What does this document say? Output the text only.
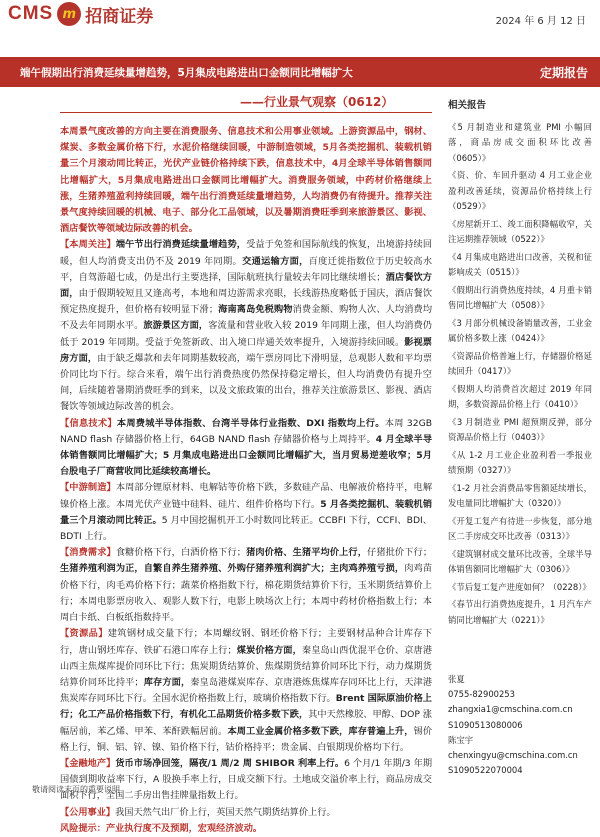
CMS m 招商证券	2024 年 6 月 12 日
端午假期出行消费延续量增趋势，5月集成电路进出口金额同比增幅扩大	定期报告
——行业景气观察（0612）

本周景气度改善的方向主要在消费服务、信息技术和公用事业领域。上游资源品中，钢材、煤炭、多数金属价格下行，水泥价格继续回暖，中游制造领域，5月各类挖掘机、装载机销量三个月滚动同比转正，光伏产业链价格持续下跌，信息技术中，4月全球半导体销售额同比增幅扩大，5月集成电路进出口金额同比增幅扩大。消费服务领域，中药材价格继续上涨，生猪养殖盈利持续回暖，端午出行消费延续量增趋势，人均消费仍有待提升。推荐关注景气度持续回暖的机械、电子、部分化工品领域，以及暑期消费旺季到来旅游景区、影视、酒店餐饮等领域边际改善的机会。

【本周关注】端午节出行消费延续量增趋势，受益于免签和国际航线的恢复，出境游持续回暖，但人均消费支出仍不及 2019 年同期。交通运输方面，百度迁徙指数位于历史较高水平，自驾游超七成，仍是出行主要选择，国际航班执行量较去年同比继续增长；酒店餐饮方面，由于假期较短且又逢高考，本地和周边游需求亮眼，长线游热度略低于国庆，酒店餐饮预定热度提升，但价格有较明显下滑；海南离岛免税购物消费金额、购物人次、人均消费均不及去年同期水平。旅游景区方面，客流量和营业收入较 2019 年同期上涨，但人均消费仍低于 2019 年同期。受益于免签新政、出入境口岸通关效率提升，入境游持续回暖。影视票房方面，由于缺乏爆款和去年同期基数较高，端午票房同比下滑明显，总观影人数和平均票价同比均下行。综合来看，端午出行消费热度仍然保持稳定增长，但人均消费仍有提升空间，后续随着暑期消费旺季的到来，以及文旅政策的出台，推荐关注旅游景区、影视、酒店餐饮等领域边际改善的机会。

【信息技术】本周费城半导体指数、台湾半导体行业指数、DXI 指数均上行。本周 32GB NAND flash 存储器价格上行，64GB NAND flash 存储器价格与上周持平。4 月全球半导体销售额同比增幅扩大；5 月集成电路进出口金额同比增幅扩大，当月贸易逆差收窄；5月台股电子厂商营收同比延续较高增长。

【中游制造】本周部分锂原材料、电解钴等价格下跌，多数硅产品、电解液价格持平，电解镍价格上涨。本周光伏产业链中硅料、硅片、组件价格均下行。5 月各类挖掘机、装载机销量三个月滚动同比转正。5 月中国挖掘机开工小时数同比转正。CCBFI 下行，CCFI、BDI、BDTI 上行。

【消费需求】食糖价格下行，白酒价格下行；猪肉价格、生猪平均价上行，仔猪批价下行；生猪养殖利润为正，自繁自养生猪养殖、外购仔猪养殖利润扩大；主肉鸡养殖亏损，肉鸡苗价格下行，肉毛鸡价格下行；蔬菜价格指数下行，棉花期货结算价下行，玉米期货结算价上行；本周电影票房收入、观影人数下行，电影上映场次上行；本周中药材价格指数上行；本周白卡纸、白板纸指数持平。

【资源品】建筑钢材成交量下行；本周螺纹钢、钢坯价格下行；主要钢材品种合计库存下行，唐山钢坯库存、铁矿石港口库存上行；煤炭价格方面，秦皇岛山西优混平仓价、京唐港山西主焦煤库提价同环比下行；焦炭期货结算价、焦煤期货结算价同环比下行，动力煤期货结算价同环比持平；库存方面，秦皇岛港煤炭库存、京唐港炼焦煤库存同环比上行，天津港焦炭库存同环比下行。全国水泥价格指数上行，玻璃价格指数下行。Brent 国际原油价格上行；化工产品价格指数下行，有机化工品期货价格多数下跌，其中天然橡胶、甲醇、DOP 涨幅居前，苯乙烯、甲苯、苯酐跌幅居前。本周工业金属价格多数下跌，库存普遍上升，锡价格上行，铜、铝、锌、镍、铅价格下行，钴价格持平；贵金属、白银期现价格均下行。

【金融地产】货币市场净回笼，隔夜/1 周/2 周 SHIBOR 利率上行。6 个月/1 年期/3 年期国债到期收益率下行，A 股换手率上行，日成交额下行。土地成交溢价率上行，商品房成交面积下行，全国二手房出售挂牌量指数上行。

【公用事业】我国天然气出厂价上行，英国天然气期货结算价上行。

风险提示：产业执行度不及预期，宏观经济波动。

相关报告
《5 月制造业和建筑业 PMI 小幅回落，商品房成交面积环比改善（0605）》
《资、价、车回升驱动 4 月工业企业盈利改善延续，资源品价格持续上行（0529）》
《房屋新开工、竣工面积降幅收窄，关注运期推荐领域（0522）》
《4 月集成电路进出口改善，关税和征影响成关（0515）》
《假期出行消费热度持续，4 月重卡销售同比增幅扩大（0508）》
《3 月部分机械设备销量改善，工业金属价格多数上涨（0424）》
《资源品价格普遍上行，存储器价格延续回升（0417）》
《假期人均消费首次超过 2019 年同期，多数资源品价格上行（0410）》
《3 月制造业 PMI 超预期反弹，部分资源品价格上行（0403）》
《从 1-2 月工业企业盈利看一季报业绩预期（0327）》
《1-2 月社会消费品零售额延续增长，发电量同比增幅扩大（0320）》
《开复工复产有待进一步恢复，部分地区二手房成交环比改善（0313）》
《建筑钢材成交量环比改善，全球半导体销售额同比增幅扩大（0306）》
《节后复工复产进度如何？（0228）》
《春节出行消费热度提升，1 月汽车产销同比增幅扩大（0221）》
张夏
0755-82900253
zhangxia1@cmschina.com.cn
S1090513080006
陈宝宇
chenxingyu@cmschina.com.cn
S1090522070004
敬请阅读末页的重要说明
